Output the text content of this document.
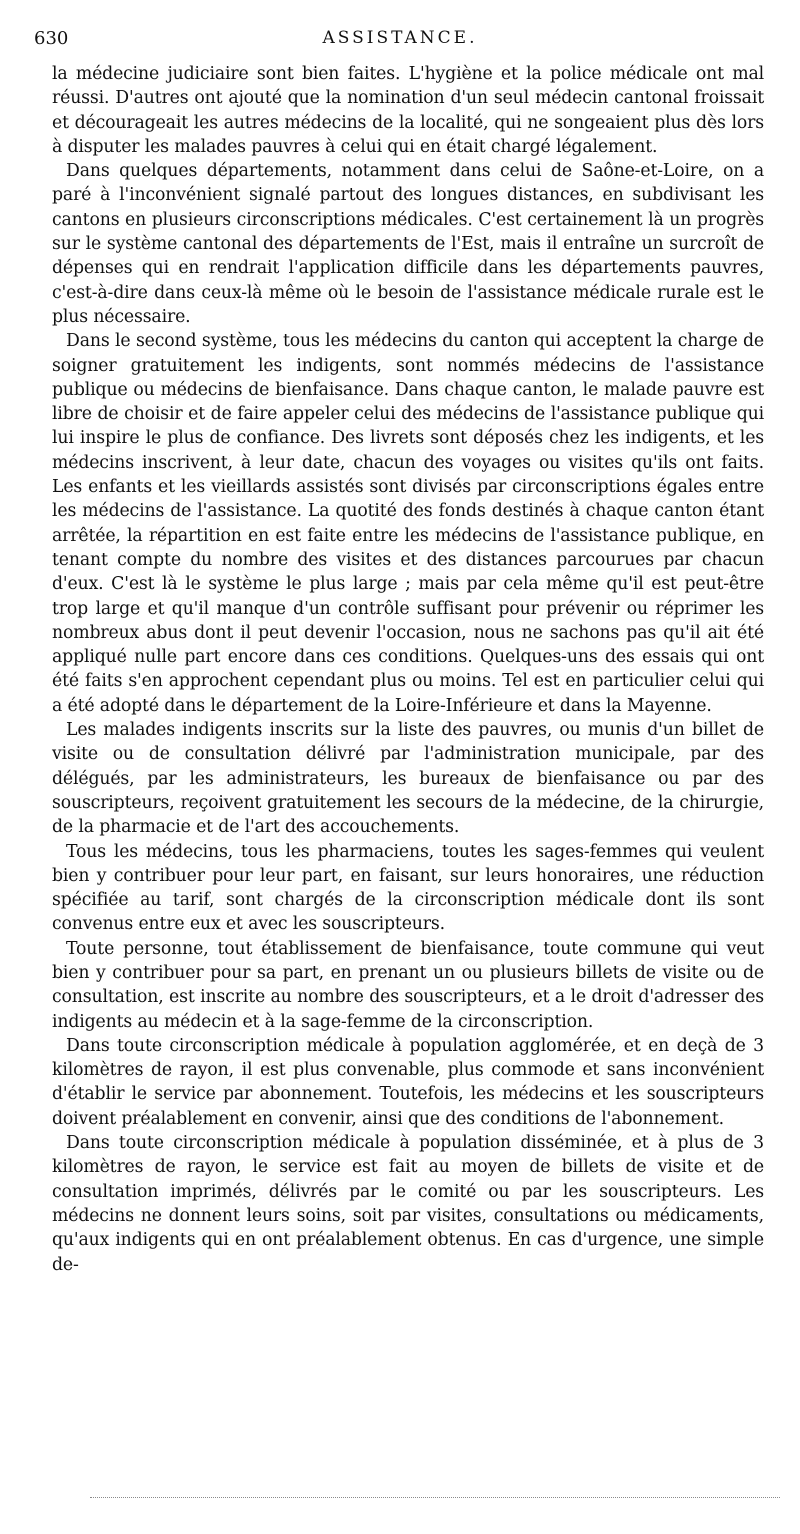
630	ASSISTANCE.

la médecine judiciaire sont bien faites. L'hygiène et la police médicale ont mal réussi. D'autres ont ajouté que la nomination d'un seul médecin cantonal froissait et décourageait les autres médecins de la localité, qui ne songeaient plus dès lors à disputer les malades pauvres à celui qui en était chargé légalement.

Dans quelques départements, notamment dans celui de Saône-et-Loire, on a paré à l'inconvénient signalé partout des longues distances, en subdivisant les cantons en plusieurs circonscriptions médicales. C'est certainement là un progrès sur le système cantonal des départements de l'Est, mais il entraîne un surcroît de dépenses qui en rendrait l'application difficile dans les départements pauvres, c'est-à-dire dans ceux-là même où le besoin de l'assistance médicale rurale est le plus nécessaire.

Dans le second système, tous les médecins du canton qui acceptent la charge de soigner gratuitement les indigents, sont nommés médecins de l'assistance publique ou médecins de bienfaisance. Dans chaque canton, le malade pauvre est libre de choisir et de faire appeler celui des médecins de l'assistance publique qui lui inspire le plus de confiance. Des livrets sont déposés chez les indigents, et les médecins inscrivent, à leur date, chacun des voyages ou visites qu'ils ont faits. Les enfants et les vieillards assistés sont divisés par circonscriptions égales entre les médecins de l'assistance. La quotité des fonds destinés à chaque canton étant arrêtée, la répartition en est faite entre les médecins de l'assistance publique, en tenant compte du nombre des visites et des distances parcourues par chacun d'eux. C'est là le système le plus large ; mais par cela même qu'il est peut-être trop large et qu'il manque d'un contrôle suffisant pour prévenir ou réprimer les nombreux abus dont il peut devenir l'occasion, nous ne sachons pas qu'il ait été appliqué nulle part encore dans ces conditions. Quelques-uns des essais qui ont été faits s'en approchent cependant plus ou moins. Tel est en particulier celui qui a été adopté dans le département de la Loire-Inférieure et dans la Mayenne.

Les malades indigents inscrits sur la liste des pauvres, ou munis d'un billet de visite ou de consultation délivré par l'administration municipale, par des délégués, par les administrateurs, les bureaux de bienfaisance ou par des souscripteurs, reçoivent gratuitement les secours de la médecine, de la chirurgie, de la pharmacie et de l'art des accouchements.

Tous les médecins, tous les pharmaciens, toutes les sages-femmes qui veulent bien y contribuer pour leur part, en faisant, sur leurs honoraires, une réduction spécifiée au tarif, sont chargés de la circonscription médicale dont ils sont convenus entre eux et avec les souscripteurs.

Toute personne, tout établissement de bienfaisance, toute commune qui veut bien y contribuer pour sa part, en prenant un ou plusieurs billets de visite ou de consultation, est inscrite au nombre des souscripteurs, et a le droit d'adresser des indigents au médecin et à la sage-femme de la circonscription.

Dans toute circonscription médicale à population agglomérée, et en deçà de 3 kilomètres de rayon, il est plus convenable, plus commode et sans inconvénient d'établir le service par abonnement. Toutefois, les médecins et les souscripteurs doivent préalablement en convenir, ainsi que des conditions de l'abonnement.

Dans toute circonscription médicale à population disséminée, et à plus de 3 kilomètres de rayon, le service est fait au moyen de billets de visite et de consultation imprimés, délivrés par le comité ou par les souscripteurs. Les médecins ne donnent leurs soins, soit par visites, consultations ou médicaments, qu'aux indigents qui en ont préalablement obtenus. En cas d'urgence, une simple de-
